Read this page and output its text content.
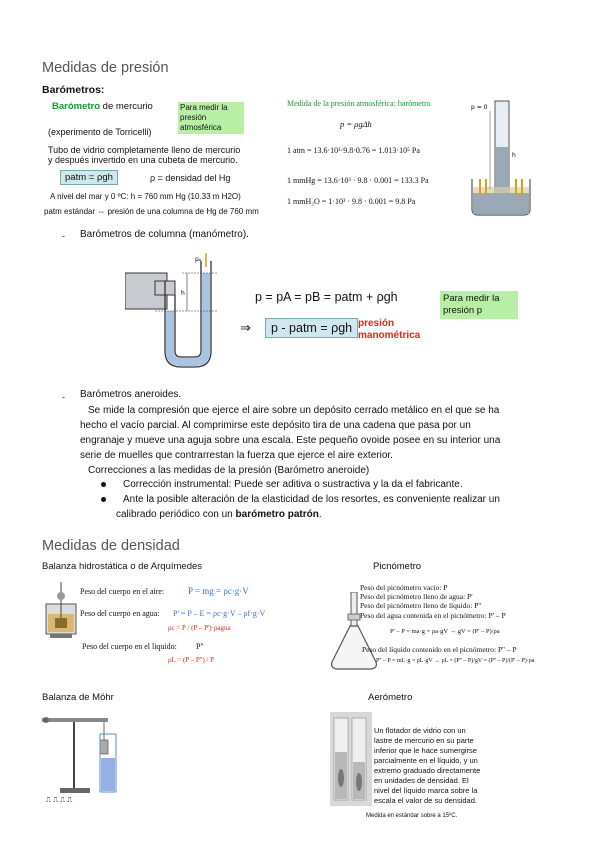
Medidas de presión
Barómetros:
Barómetro de mercurio	Para medir la presión atmosférica
(experimento de Torricelli)
Tubo de vidrio completamente lleno de mercurio
y después invertido en una cubeta de mercurio.
patm = ρgh	ρ = densidad del Hg
A nivel del mar y 0 ºC: h = 760 mm Hg (10.33 m H2O)
patm estándar ⇔ presión de una columna de Hg de 760 mm
Medida de la presión atmosférica: barómetro
p = ρgΔh
1 atm = 13.6·10³·9.8·0.76 = 1.013·10⁵ Pa
1 mmHg = 13.6·10³ · 9.8 · 0.001 = 133.3 Pa
1 mmH₂O = 1·10³ · 9.8 · 0.001 = 9.8 Pa
p = 0
h
- Barómetros de columna (manómetro).
pₐ
h	p = pA = pB = patm + ρgh	Para medir la presión p
⇒	p - patm = ρgh presión manométrica
- Barómetros aneroides.
Se mide la compresión que ejerce el aire sobre un depósito cerrado metálico en el que se ha
hecho el vacío parcial. Al comprimirse este depósito tira de una cadena que pasa por un
engranaje y mueve una aguja sobre una escala. Este pequeño ovoide posee en su interior una
serie de muelles que contrarrestan la fuerza que ejerce el aire exterior.
Correcciones a las medidas de la presión (Barómetro aneroide)
Corrección instrumental: Puede ser aditiva o sustractiva y la da el fabricante.
Ante la posible alteración de la elasticidad de los resortes, es conveniente realizar un
calibrado periódico con un barómetro patrón.
Medidas de densidad
Balanza hidrostática o de Arquímedes	Picnómetro
Peso del cuerpo en el aire:	P = mg = ρc·g·V
Peso del cuerpo en agua: P' = P – E = ρc·g·V – ρf·g·V
Peso del cuerpo en el liquido: P''
ρc = P / (P – P')·ρagua
ρL = (P – P'') / P
Peso del picnómetro vacío: P
Peso del picnómetro lleno de agua: P'
Peso del picnómetro lleno de líquido: P''
Peso del agua contenida en el picnómetro: P' – P
P' – P = ma·g = ρa·gV → gV = (P' – P)/ρa
Peso del líquido contenido en el picnómetro: P'' – P
P'' – P = mL·g = ρL·gV → ρL = (P'' – P)/gV = (P'' – P)/(P' – P)·ρa
Balanza de Möhr	Aerómetro
⎍ ⎍ ⎍ ⎍
Un flotador de vidrio con un
lastre de mercurio en su parte
inferior que le hace sumergirse
parcialmente en el líquido, y un
extremo graduado directamente
en unidades de densidad. El
nivel del líquido marca sobre la
escala el valor de su densidad.
Medida en estándar sobre a 15ºC.
